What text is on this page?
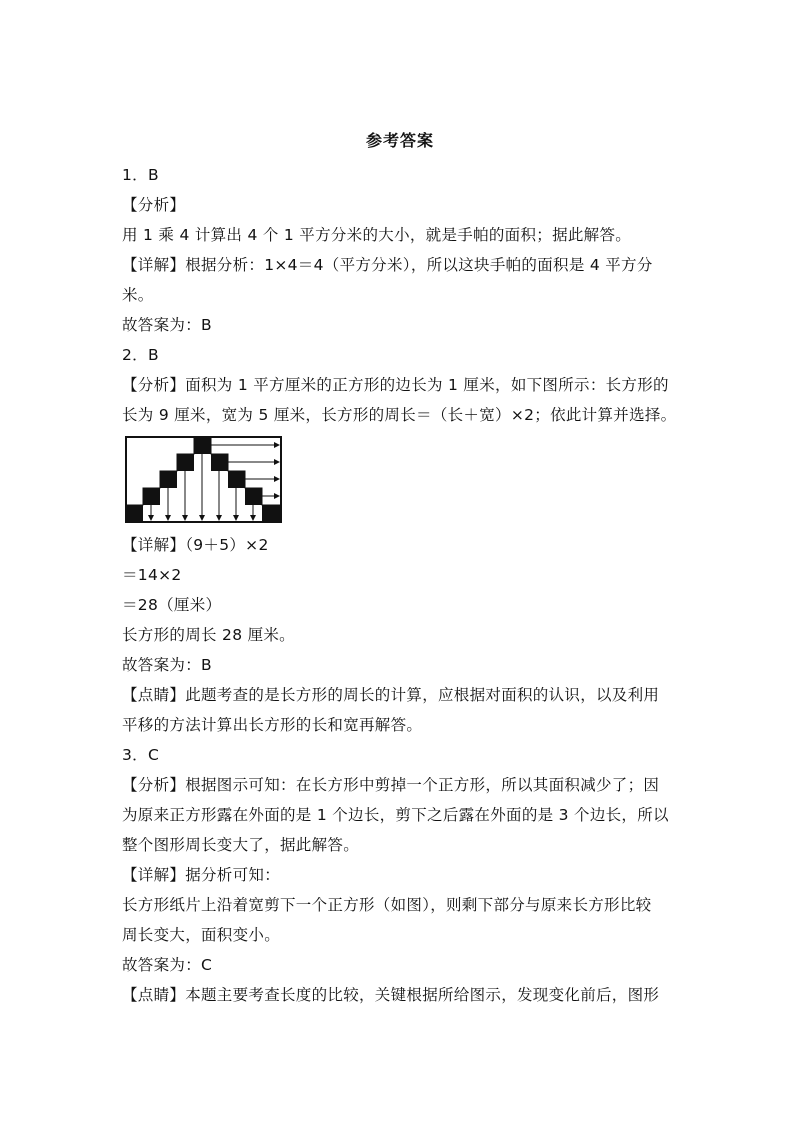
参考答案
1．B
【分析】
用 1 乘 4 计算出 4 个 1 平方分米的大小，就是手帕的面积；据此解答。
【详解】根据分析：1×4＝4（平方分米），所以这块手帕的面积是 4 平方分
米。
故答案为：B
2．B
【分析】面积为 1 平方厘米的正方形的边长为 1 厘米，如下图所示：长方形的
长为 9 厘米，宽为 5 厘米，长方形的周长＝（长＋宽）×2；依此计算并选择。
【详解】（9＋5）×2
＝14×2
＝28（厘米）
长方形的周长 28 厘米。
故答案为：B
【点睛】此题考查的是长方形的周长的计算，应根据对面积的认识，以及利用
平移的方法计算出长方形的长和宽再解答。
3．C
【分析】根据图示可知：在长方形中剪掉一个正方形，所以其面积减少了；因
为原来正方形露在外面的是 1 个边长，剪下之后露在外面的是 3 个边长，所以
整个图形周长变大了，据此解答。
【详解】据分析可知：
长方形纸片上沿着宽剪下一个正方形（如图），则剩下部分与原来长方形比较
周长变大，面积变小。
故答案为：C
【点睛】本题主要考查长度的比较，关键根据所给图示，发现变化前后，图形
